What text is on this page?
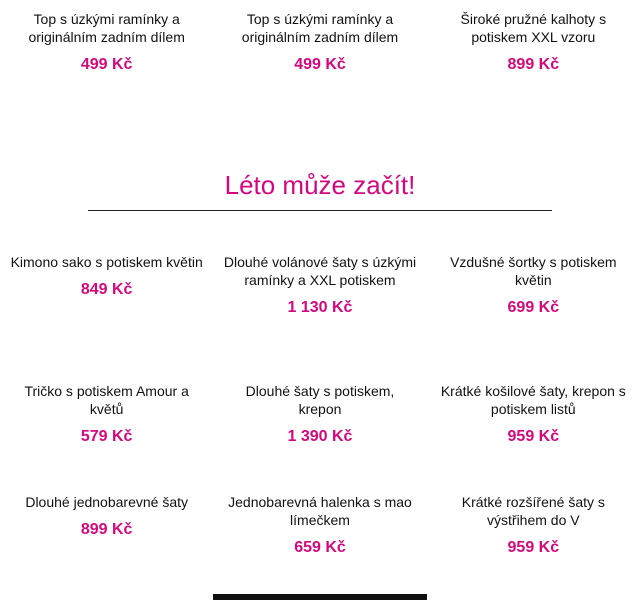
Top s úzkými ramínky a originálním zadním dílem
499 Kč
Top s úzkými ramínky a originálním zadním dílem
499 Kč
Široké pružné kalhoty s potiskem XXL vzoru
899 Kč
Léto může začít!
Kimono sako s potiskem květin
849 Kč
Dlouhé volánové šaty s úzkými ramínky a XXL potiskem
1 130 Kč
Vzdušné šortky s potiskem květin
699 Kč
Tričko s potiskem Amour a květů
579 Kč
Dlouhé šaty s potiskem, krepon
1 390 Kč
Krátké košilové šaty, krepon s potiskem listů
959 Kč
Dlouhé jednobarevné šaty
899 Kč
Jednobarevná halenka s mao límečkem
659 Kč
Krátké rozšířené šaty s výstřihem do V
959 Kč
